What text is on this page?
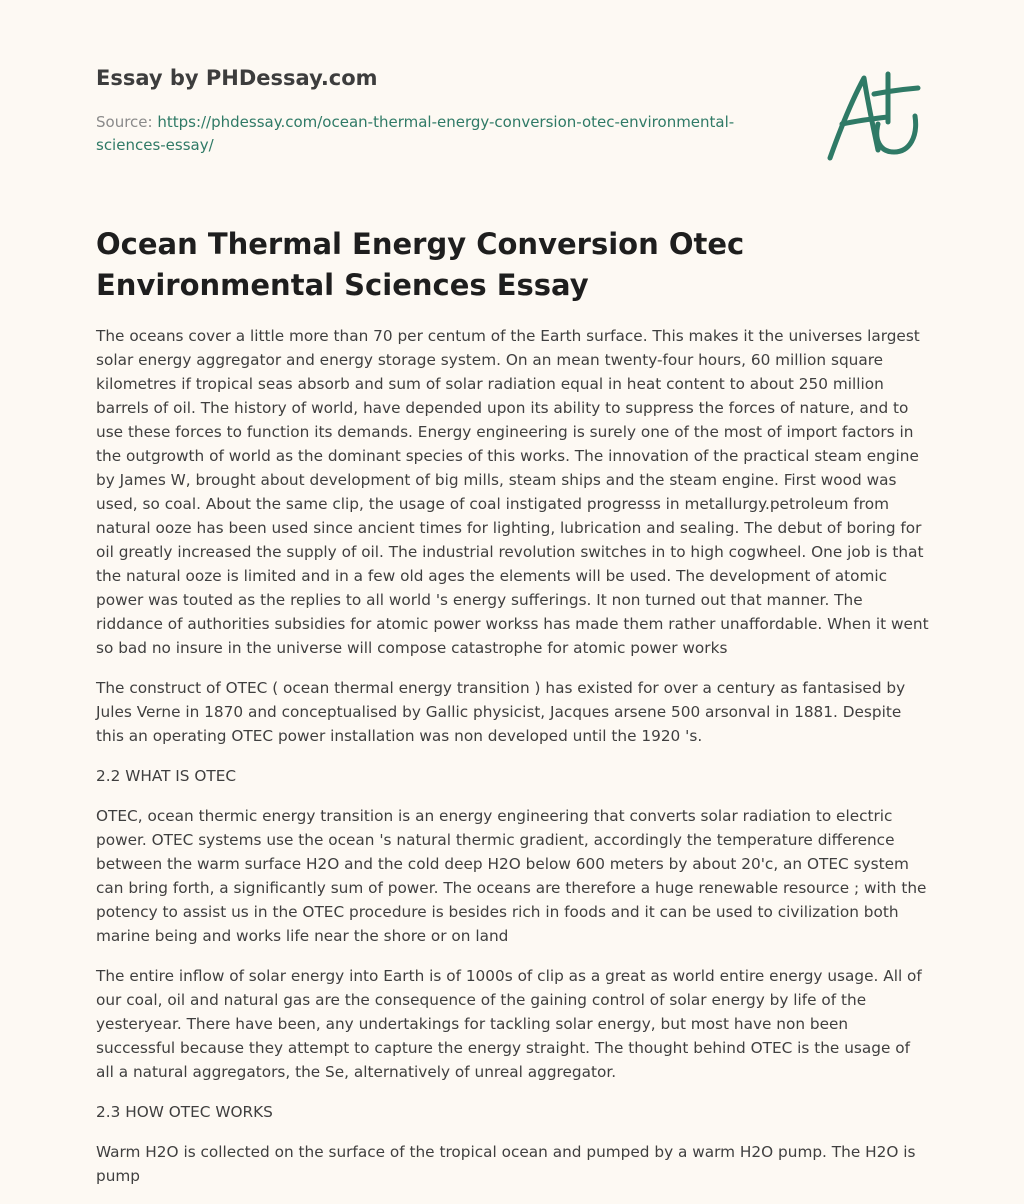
Essay by PHDessay.com
Source: https://phdessay.com/ocean-thermal-energy-conversion-otec-environmental-sciences-essay/
Ocean Thermal Energy Conversion Otec Environmental Sciences Essay

The oceans cover a little more than 70 per centum of the Earth surface. This makes it the universes largest solar energy aggregator and energy storage system. On an mean twenty-four hours, 60 million square kilometres if tropical seas absorb and sum of solar radiation equal in heat content to about 250 million barrels of oil. The history of world, have depended upon its ability to suppress the forces of nature, and to use these forces to function its demands. Energy engineering is surely one of the most of import factors in the outgrowth of world as the dominant species of this works. The innovation of the practical steam engine by James W, brought about development of big mills, steam ships and the steam engine. First wood was used, so coal. About the same clip, the usage of coal instigated progresss in metallurgy.petroleum from natural ooze has been used since ancient times for lighting, lubrication and sealing. The debut of boring for oil greatly increased the supply of oil. The industrial revolution switches in to high cogwheel. One job is that the natural ooze is limited and in a few old ages the elements will be used. The development of atomic power was touted as the replies to all world 's energy sufferings. It non turned out that manner. The riddance of authorities subsidies for atomic power workss has made them rather unaffordable. When it went so bad no insure in the universe will compose catastrophe for atomic power works

The construct of OTEC ( ocean thermal energy transition ) has existed for over a century as fantasised by Jules Verne in 1870 and conceptualised by Gallic physicist, Jacques arsene 500 arsonval in 1881. Despite this an operating OTEC power installation was non developed until the 1920 's.

2.2 WHAT IS OTEC

OTEC, ocean thermic energy transition is an energy engineering that converts solar radiation to electric power. OTEC systems use the ocean 's natural thermic gradient, accordingly the temperature difference between the warm surface H2O and the cold deep H2O below 600 meters by about 20'c, an OTEC system can bring forth, a significantly sum of power. The oceans are therefore a huge renewable resource ; with the potency to assist us in the OTEC procedure is besides rich in foods and it can be used to civilization both marine being and works life near the shore or on land

The entire inflow of solar energy into Earth is of 1000s of clip as a great as world entire energy usage. All of our coal, oil and natural gas are the consequence of the gaining control of solar energy by life of the yesteryear. There have been, any undertakings for tackling solar energy, but most have non been successful because they attempt to capture the energy straight. The thought behind OTEC is the usage of all a natural aggregators, the Se, alternatively of unreal aggregator.

2.3 HOW OTEC WORKS

Warm H2O is collected on the surface of the tropical ocean and pumped by a warm H2O pump. The H2O is pump
